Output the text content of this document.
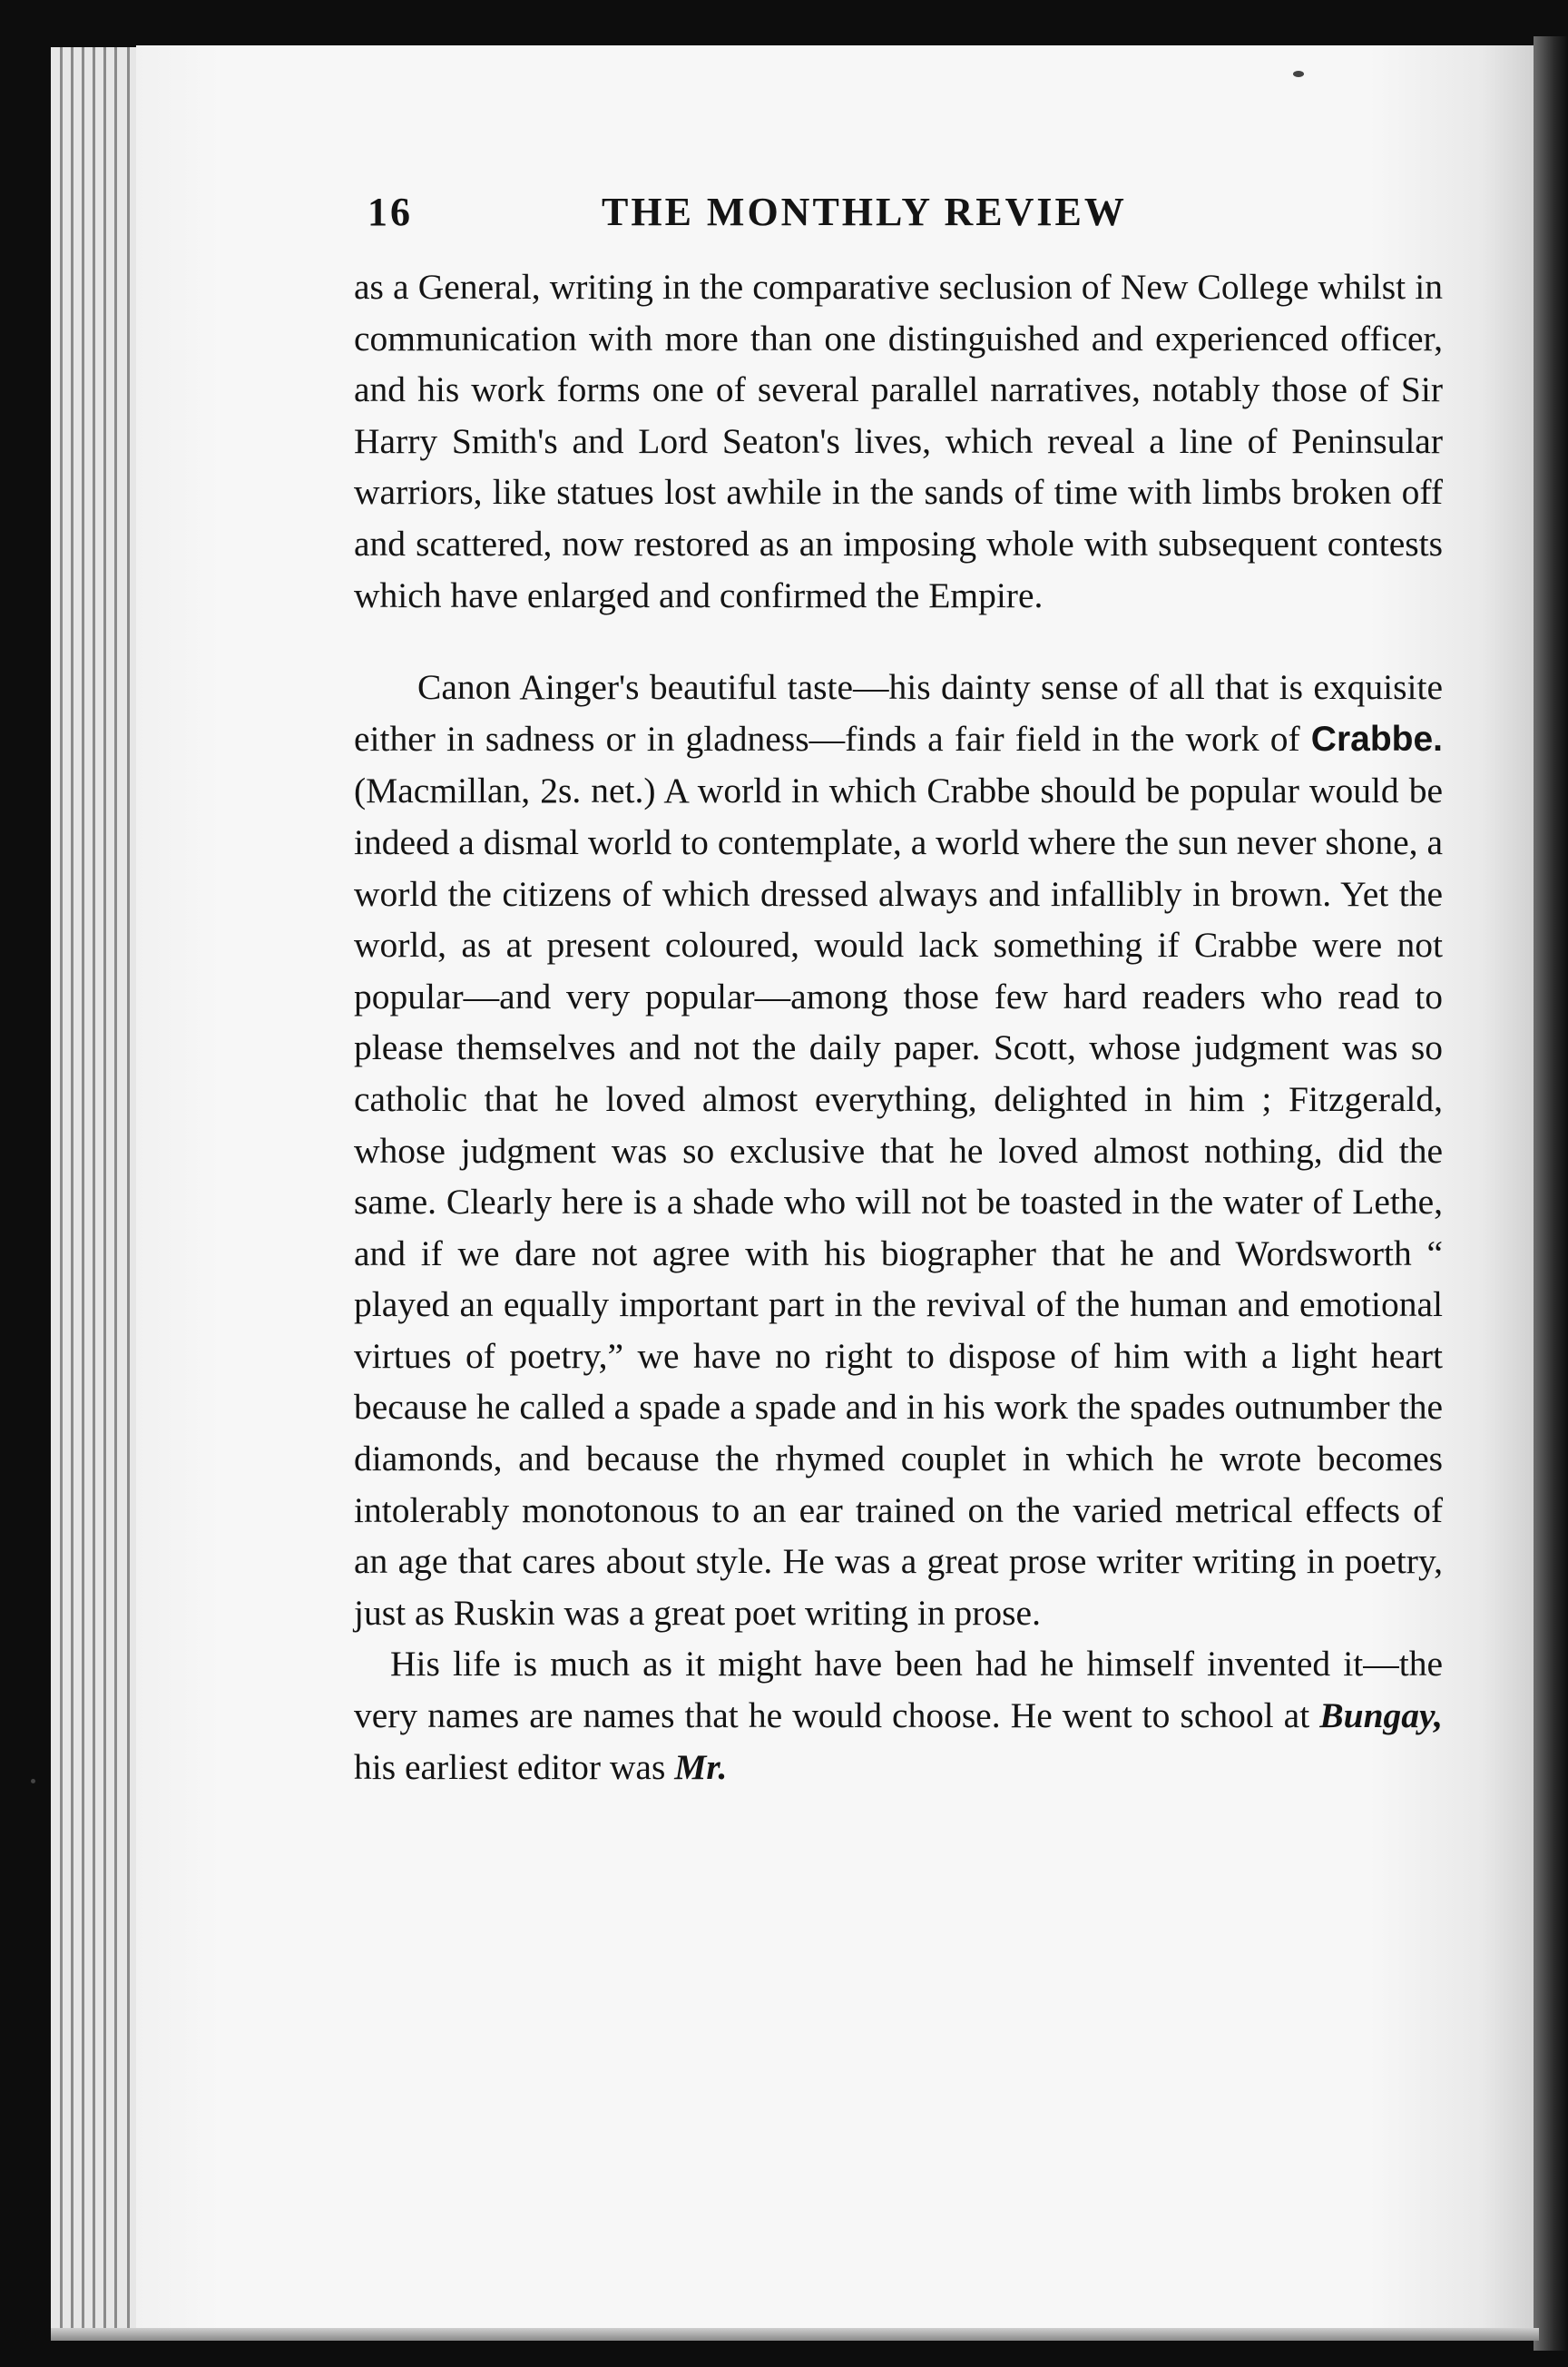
16	THE MONTHLY REVIEW

as a General, writing in the comparative seclusion of New College whilst in communication with more than one distinguished and experienced officer, and his work forms one of several parallel narratives, notably those of Sir Harry Smith's and Lord Seaton's lives, which reveal a line of Peninsular warriors, like statues lost awhile in the sands of time with limbs broken off and scattered, now restored as an imposing whole with subsequent contests which have enlarged and confirmed the Empire.

Canon Ainger's beautiful taste—his dainty sense of all that is exquisite either in sadness or in gladness—finds a fair field in the work of Crabbe. (Macmillan, 2s. net.) A world in which Crabbe should be popular would be indeed a dismal world to contemplate, a world where the sun never shone, a world the citizens of which dressed always and infallibly in brown. Yet the world, as at present coloured, would lack something if Crabbe were not popular—and very popular—among those few hard readers who read to please themselves and not the daily paper. Scott, whose judgment was so catholic that he loved almost everything, delighted in him ; Fitzgerald, whose judgment was so exclusive that he loved almost nothing, did the same. Clearly here is a shade who will not be toasted in the water of Lethe, and if we dare not agree with his biographer that he and Wordsworth “ played an equally important part in the revival of the human and emotional virtues of poetry,” we have no right to dispose of him with a light heart because he called a spade a spade and in his work the spades outnumber the diamonds, and because the rhymed couplet in which he wrote becomes intolerably monotonous to an ear trained on the varied metrical effects of an age that cares about style. He was a great prose writer writing in poetry, just as Ruskin was a great poet writing in prose.

His life is much as it might have been had he himself invented it—the very names are names that he would choose. He went to school at Bungay, his earliest editor was Mr.
